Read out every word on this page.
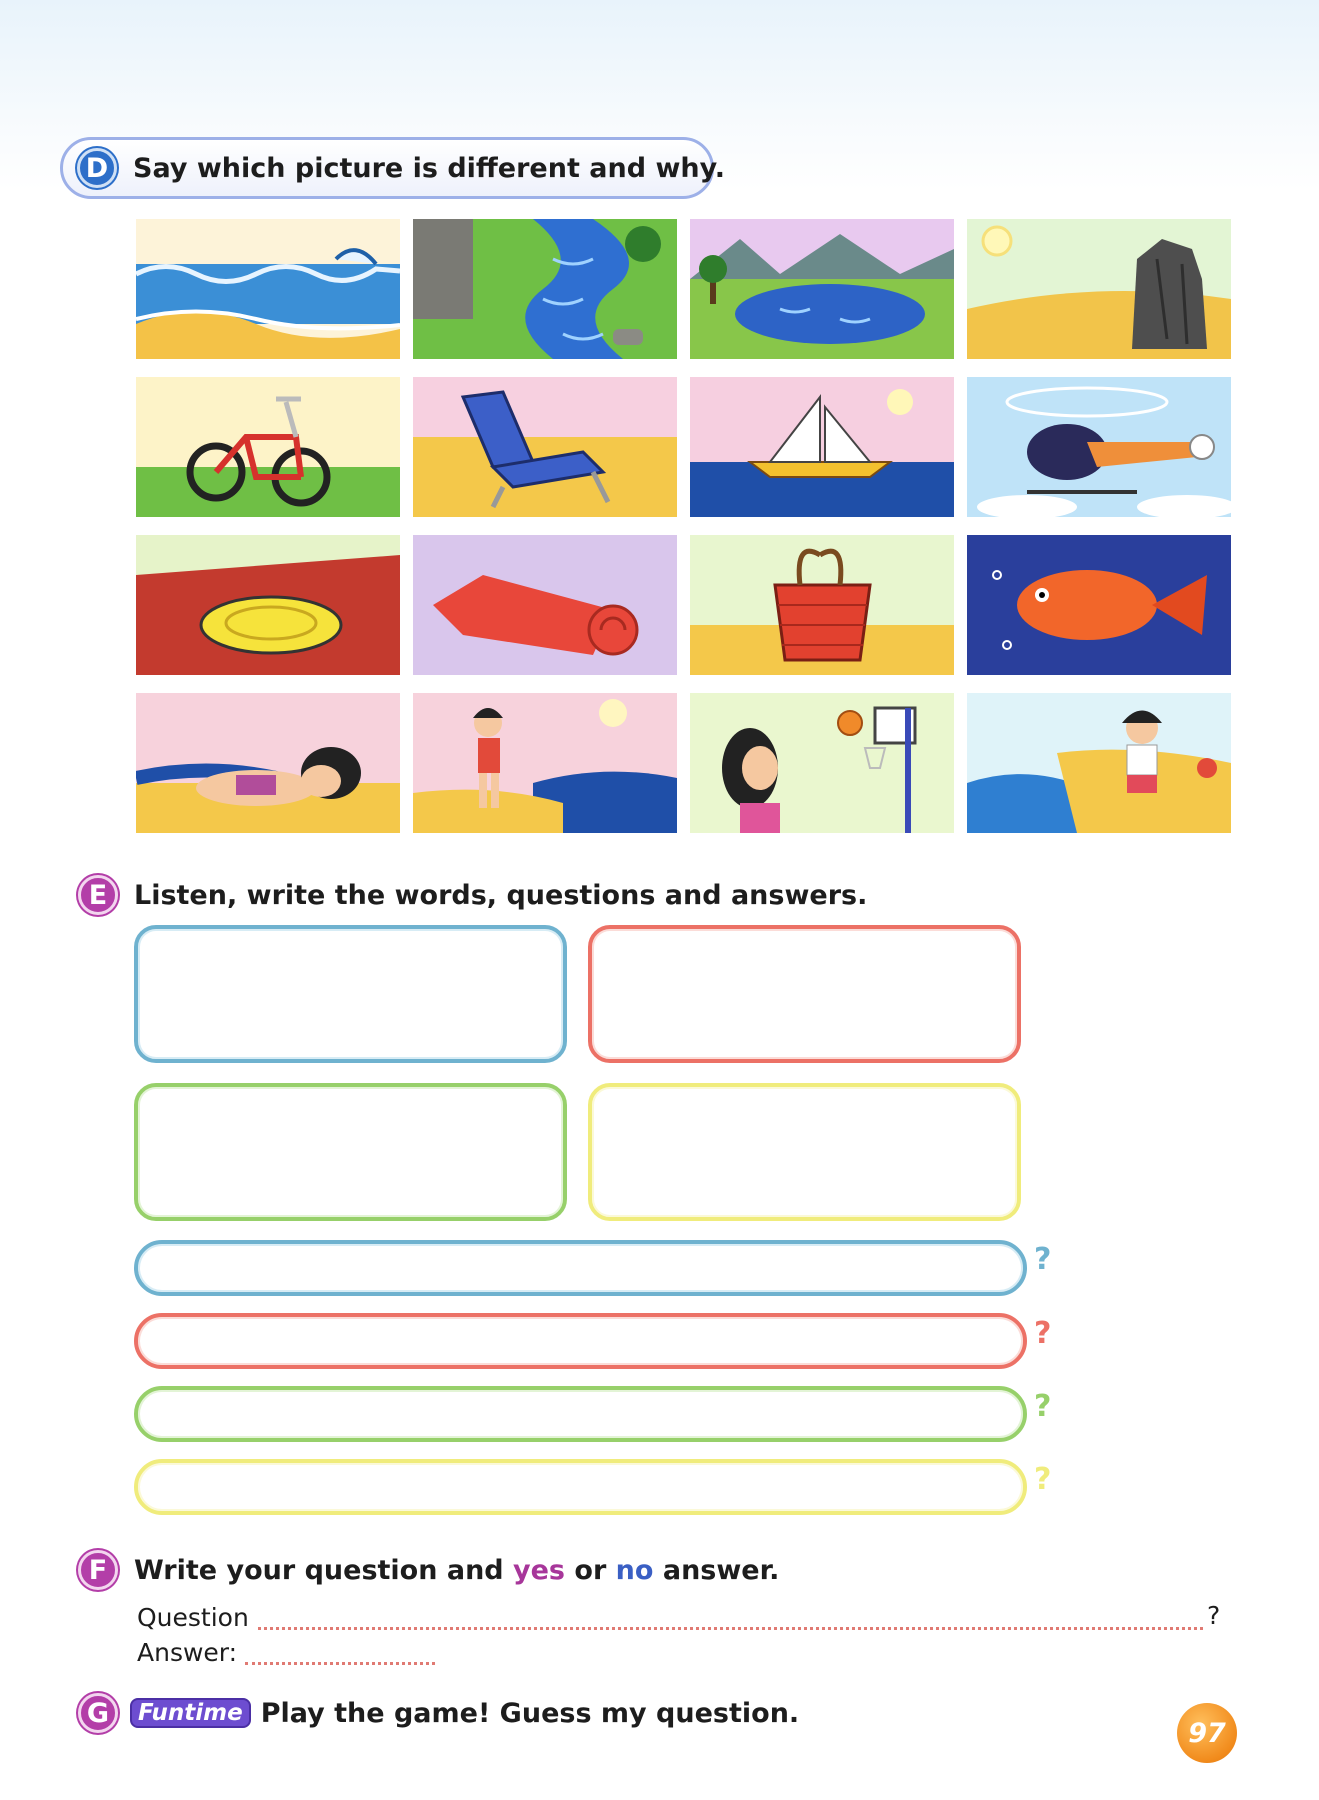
D Say which picture is different and why.
E Listen, write the words, questions and answers.
?
?
?
?
F Write your question and yes or no answer.
Question	?
Answer:
G	Funtime Play the game! Guess my question.
97
